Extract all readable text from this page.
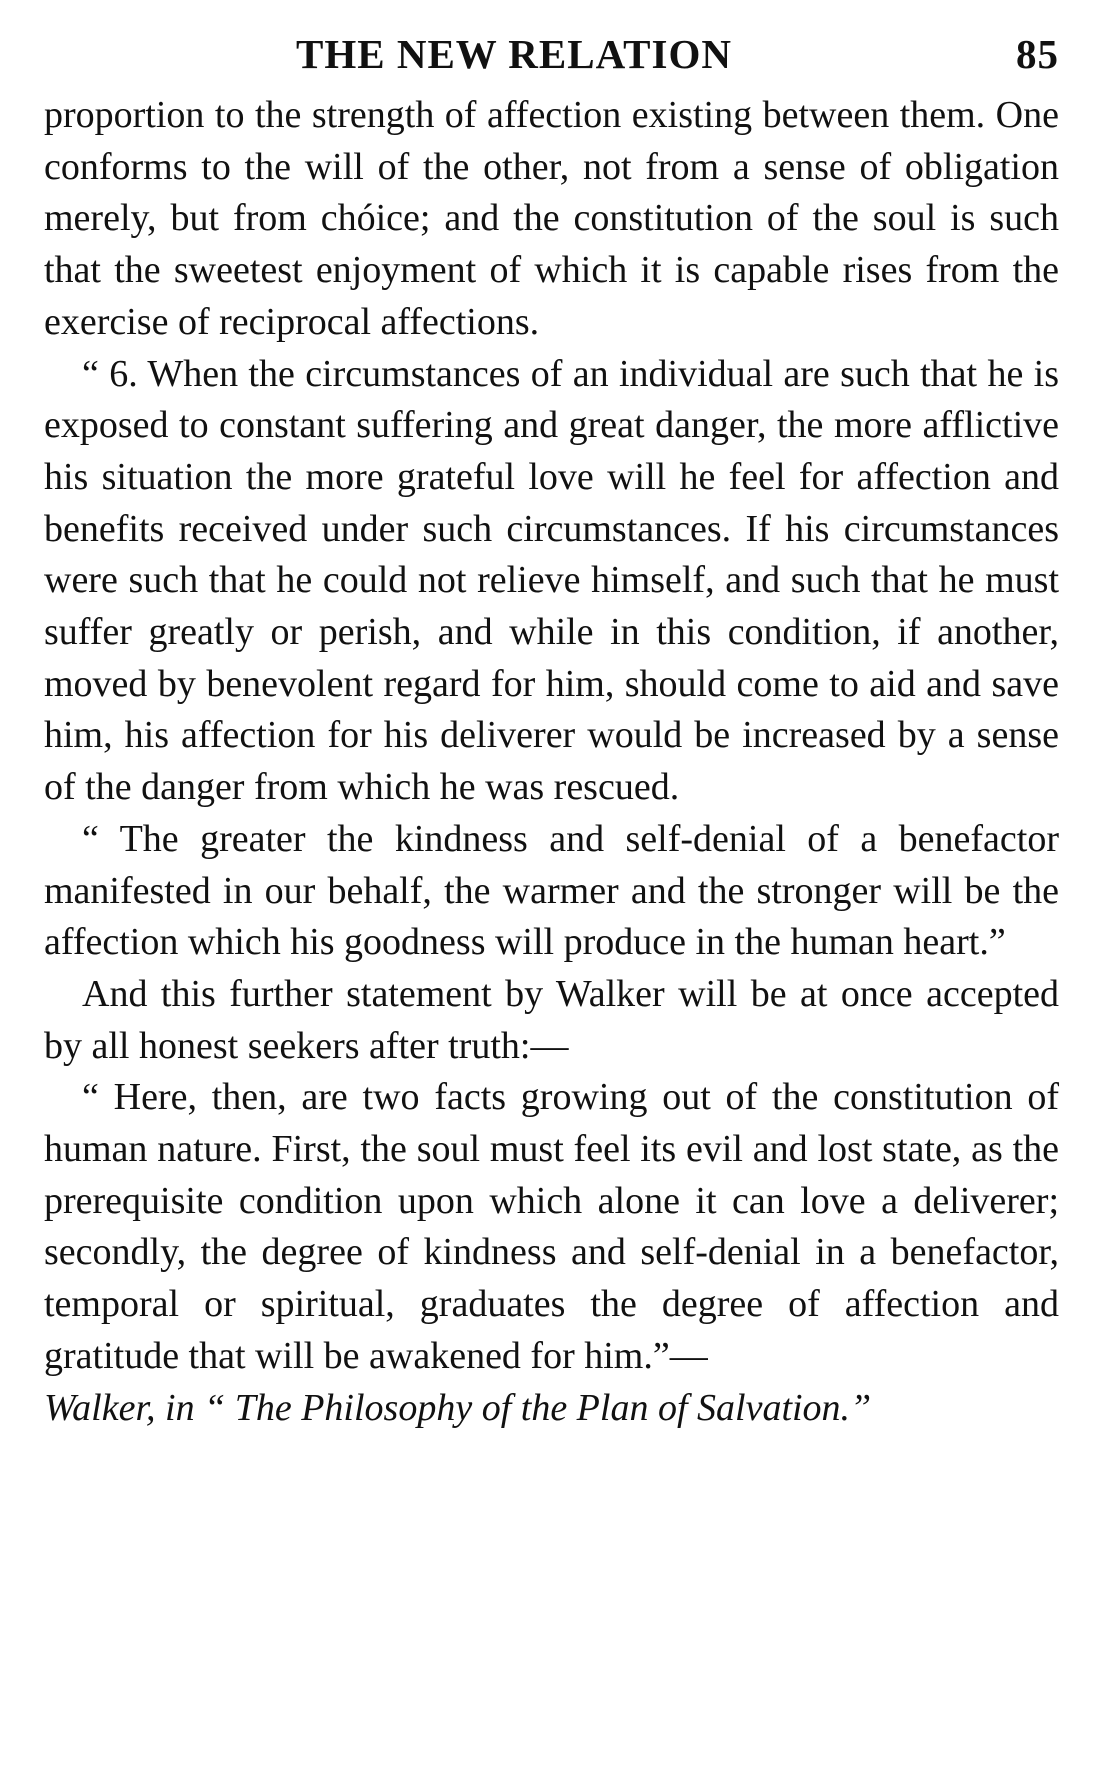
THE NEW RELATION	85

proportion to the strength of affection existing between them. One conforms to the will of the other, not from a sense of obligation merely, but from chóice; and the constitution of the soul is such that the sweetest enjoyment of which it is capable rises from the exercise of reciprocal affections.

“ 6. When the circumstances of an individual are such that he is exposed to constant suffering and great danger, the more afflictive his situation the more grateful love will he feel for affection and benefits received under such circumstances. If his circumstances were such that he could not relieve himself, and such that he must suffer greatly or perish, and while in this condition, if another, moved by benevolent regard for him, should come to aid and save him, his affection for his deliverer would be increased by a sense of the danger from which he was rescued.

“ The greater the kindness and self-denial of a benefactor manifested in our behalf, the warmer and the stronger will be the affection which his goodness will produce in the human heart.”

And this further statement by Walker will be at once accepted by all honest seekers after truth:—

“ Here, then, are two facts growing out of the constitution of human nature. First, the soul must feel its evil and lost state, as the prerequisite condition upon which alone it can love a deliverer; secondly, the degree of kindness and self-denial in a benefactor, temporal or spiritual, graduates the degree of affection and gratitude that will be awakened for him.”—

Walker, in “ The Philosophy of the Plan of Salvation.”
